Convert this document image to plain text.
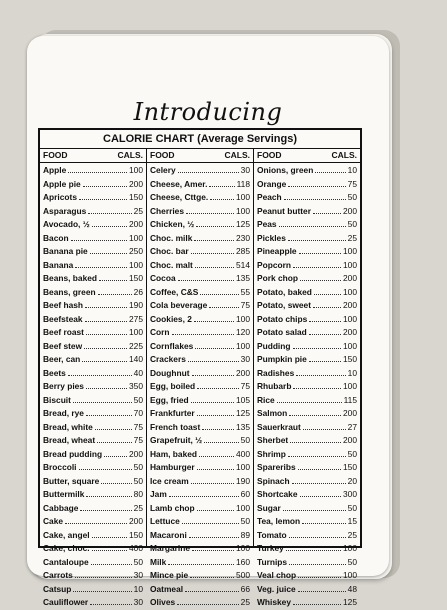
Introducing
CALORIE CHART (Average Servings)
FOOD	CALS.
Apple	100
Apple pie	200
Apricots	150
Asparagus	25
Avocado, ½	200
Bacon	100
Banana pie	250
Banana	100
Beans, baked	150
Beans, green	26
Beef hash	190
Beefsteak	275
Beef roast	100
Beef stew	225
Beer, can	140
Beets	40
Berry pies	350
Biscuit	50
Bread, rye	70
Bread, white	75
Bread, wheat	75
Bread pudding	200
Broccoli	50
Butter, square	50
Buttermilk	80
Cabbage	25
Cake	200
Cake, angel	150
Cake, choc.	400
Cantaloupe	50
Carrots	30
Catsup	10
Cauliflower	30
FOOD	CALS.
Celery	30
Cheese, Amer.	118
Cheese, Cttge.	100
Cherries	100
Chicken, ½	125
Choc. milk	230
Choc. bar	285
Choc. malt	514
Cocoa	135
Coffee, C&S	55
Cola beverage	75
Cookies, 2	100
Corn	120
Cornflakes	100
Crackers	30
Doughnut	200
Egg, boiled	75
Egg, fried	105
Frankfurter	125
French toast	135
Grapefruit, ½	50
Ham, baked	400
Hamburger	100
Ice cream	190
Jam	60
Lamb chop	100
Lettuce	50
Macaroni	89
Margarine	100
Milk	160
Mince pie	500
Oatmeal	66
Olives	25
FOOD	CALS.
Onions, green	10
Orange	75
Peach	50
Peanut butter	200
Peas	50
Pickles	25
Pineapple	100
Popcorn	100
Pork chop	200
Potato, baked	100
Potato, sweet	200
Potato chips	100
Potato salad	200
Pudding	100
Pumpkin pie	150
Radishes	10
Rhubarb	100
Rice	115
Salmon	200
Sauerkraut	27
Sherbet	200
Shrimp	50
Spareribs	150
Spinach	20
Shortcake	300
Sugar	50
Tea, lemon	15
Tomato	25
Turkey	100
Turnips	50
Veal chop	100
Veg. juice	48
Whiskey	125
